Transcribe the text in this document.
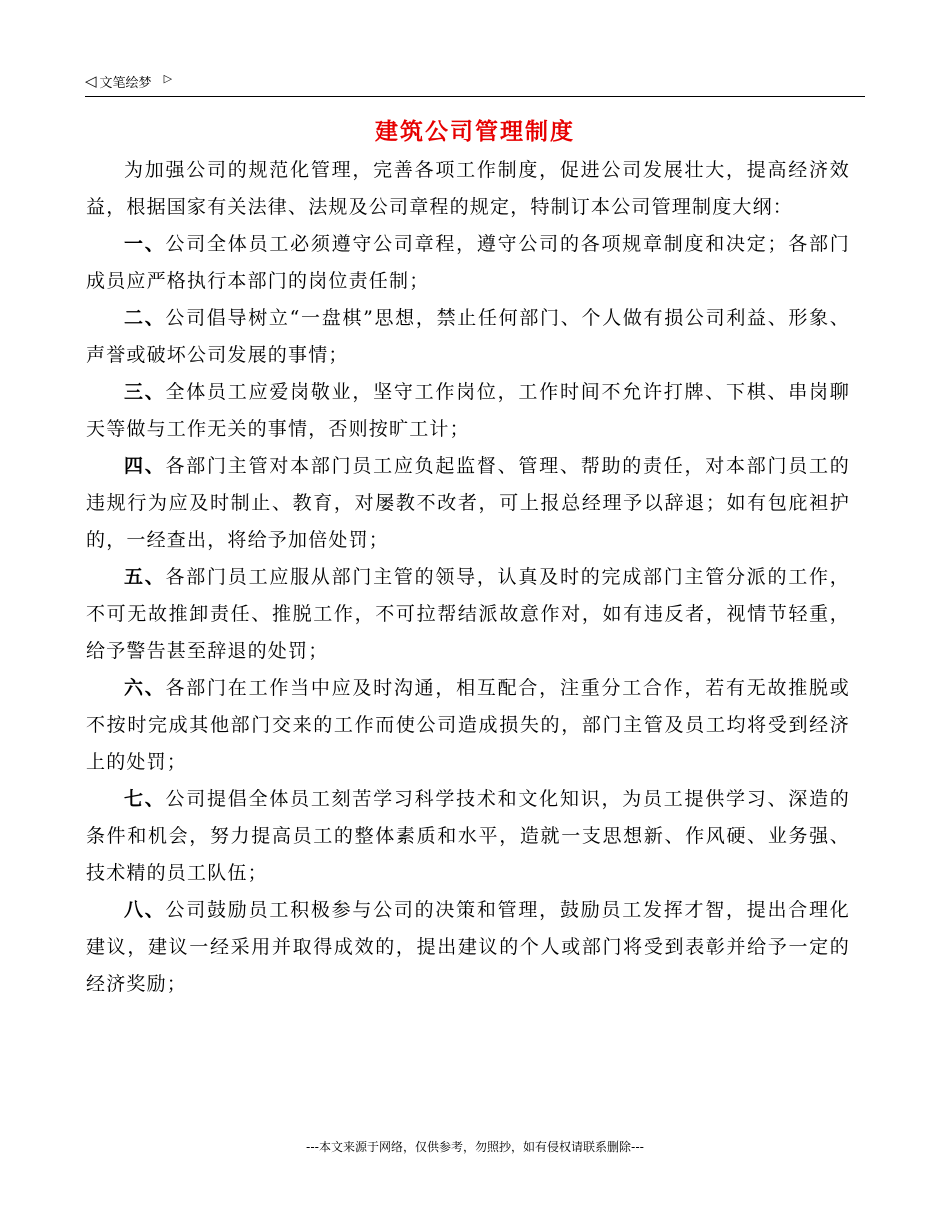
◁ 文笔绘梦 ▷
建筑公司管理制度

为加强公司的规范化管理，完善各项工作制度，促进公司发展壮大，提高经济效益，根据国家有关法律、法规及公司章程的规定，特制订本公司管理制度大纲：

一、公司全体员工必须遵守公司章程，遵守公司的各项规章制度和决定；各部门成员应严格执行本部门的岗位责任制；

二、公司倡导树立“一盘棋”思想，禁止任何部门、个人做有损公司利益、形象、声誉或破坏公司发展的事情；

三、全体员工应爱岗敬业，坚守工作岗位，工作时间不允许打牌、下棋、串岗聊天等做与工作无关的事情，否则按旷工计；

四、各部门主管对本部门员工应负起监督、管理、帮助的责任，对本部门员工的违规行为应及时制止、教育，对屡教不改者，可上报总经理予以辞退；如有包庇袒护的，一经查出，将给予加倍处罚；

五、各部门员工应服从部门主管的领导，认真及时的完成部门主管分派的工作，不可无故推卸责任、推脱工作，不可拉帮结派故意作对，如有违反者，视情节轻重，给予警告甚至辞退的处罚；

六、各部门在工作当中应及时沟通，相互配合，注重分工合作，若有无故推脱或不按时完成其他部门交来的工作而使公司造成损失的，部门主管及员工均将受到经济上的处罚；

七、公司提倡全体员工刻苦学习科学技术和文化知识，为员工提供学习、深造的条件和机会，努力提高员工的整体素质和水平，造就一支思想新、作风硬、业务强、技术精的员工队伍；

八、公司鼓励员工积极参与公司的决策和管理，鼓励员工发挥才智，提出合理化建议，建议一经采用并取得成效的，提出建议的个人或部门将受到表彰并给予一定的经济奖励；

---本文来源于网络，仅供参考，勿照抄，如有侵权请联系删除---
